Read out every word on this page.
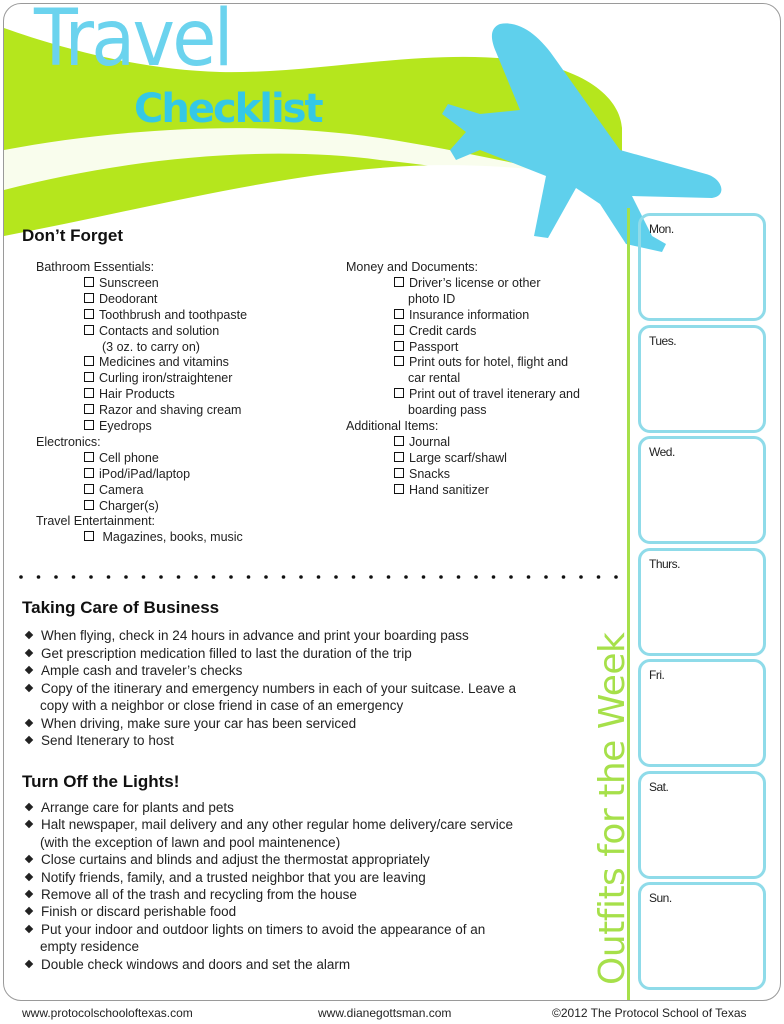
Travel
Checklist
Don’t Forget
Bathroom Essentials:
Sunscreen
Deodorant
Toothbrush and toothpaste
Contacts and solution
(3 oz. to carry on)
Medicines and vitamins
Curling iron/straightener
Hair Products
Razor and shaving cream
Eyedrops
Electronics:
Cell phone
iPod/iPad/laptop
Camera
Charger(s)
Travel Entertainment:
Magazines, books, music
Money and Documents:
Driver’s license or other
photo ID
Insurance information
Credit cards
Passport
Print outs for hotel, flight and
car rental
Print out of travel itenerary and
boarding pass
Additional Items:
Journal
Large scarf/shawl
Snacks
Hand sanitizer
Taking Care of Business
When flying, check in 24 hours in advance and print your boarding pass
Get prescription medication filled to last the duration of the trip
Ample cash and traveler’s checks
Copy of the itinerary and emergency numbers in each of your suitcase. Leave a
copy with a neighbor or close friend in case of an emergency
When driving, make sure your car has been serviced
Send Itenerary to host
Turn Off the Lights!
Arrange care for plants and pets
Halt newspaper, mail delivery and any other regular home delivery/care service
(with the exception of lawn and pool maintenence)
Close curtains and blinds and adjust the thermostat appropriately
Notify friends, family, and a trusted neighbor that you are leaving
Remove all of the trash and recycling from the house
Finish or discard perishable food
Put your indoor and outdoor lights on timers to avoid the appearance of an
empty residence
Double check windows and doors and set the alarm	Outfits for the Week
Mon.
Tues.
Wed.
Thurs.
Fri.
Sat.
Sun.
www.protocolschooloftexas.com	www.dianegottsman.com	©2012 The Protocol School of Texas
